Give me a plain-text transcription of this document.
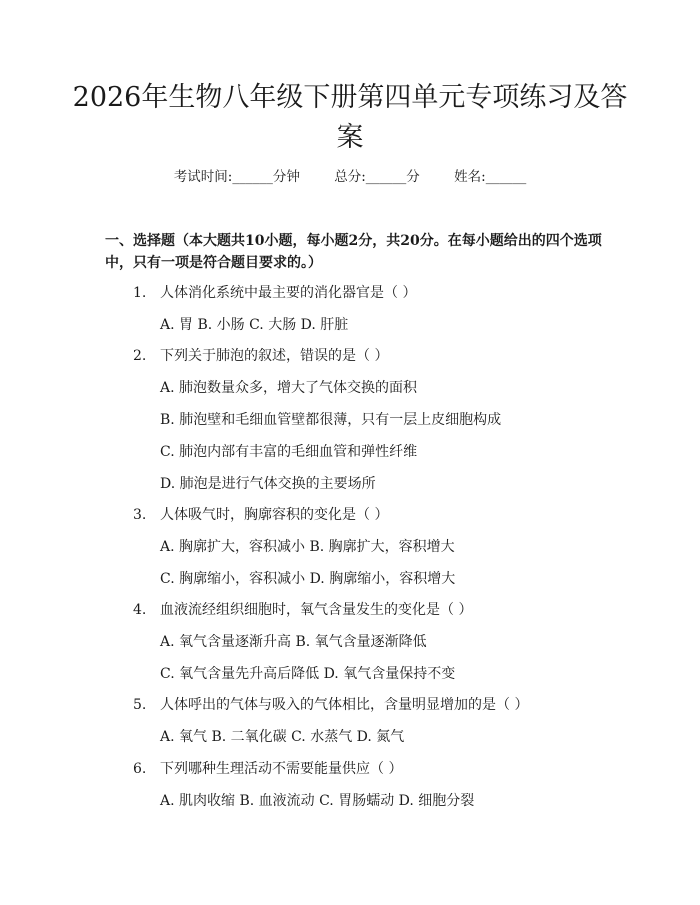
2026年生物八年级下册第四单元专项练习及答案
考试时间:______分钟	总分:______分	姓名:______
一、选择题（本大题共10小题，每小题2分，共20分。在每小题给出的四个选项中，只有一项是符合题目要求的。）
1. 人体消化系统中最主要的消化器官是（ ）
A. 胃 B. 小肠 C. 大肠 D. 肝脏
2. 下列关于肺泡的叙述，错误的是（ ）
A. 肺泡数量众多，增大了气体交换的面积
B. 肺泡壁和毛细血管壁都很薄，只有一层上皮细胞构成
C. 肺泡内部有丰富的毛细血管和弹性纤维
D. 肺泡是进行气体交换的主要场所
3. 人体吸气时，胸廓容积的变化是（ ）
A. 胸廓扩大，容积减小 B. 胸廓扩大，容积增大
C. 胸廓缩小，容积减小 D. 胸廓缩小，容积增大
4. 血液流经组织细胞时，氧气含量发生的变化是（ ）
A. 氧气含量逐渐升高 B. 氧气含量逐渐降低
C. 氧气含量先升高后降低 D. 氧气含量保持不变
5. 人体呼出的气体与吸入的气体相比，含量明显增加的是（ ）
A. 氧气 B. 二氧化碳 C. 水蒸气 D. 氮气
6. 下列哪种生理活动不需要能量供应（ ）
A. 肌肉收缩 B. 血液流动 C. 胃肠蠕动 D. 细胞分裂
